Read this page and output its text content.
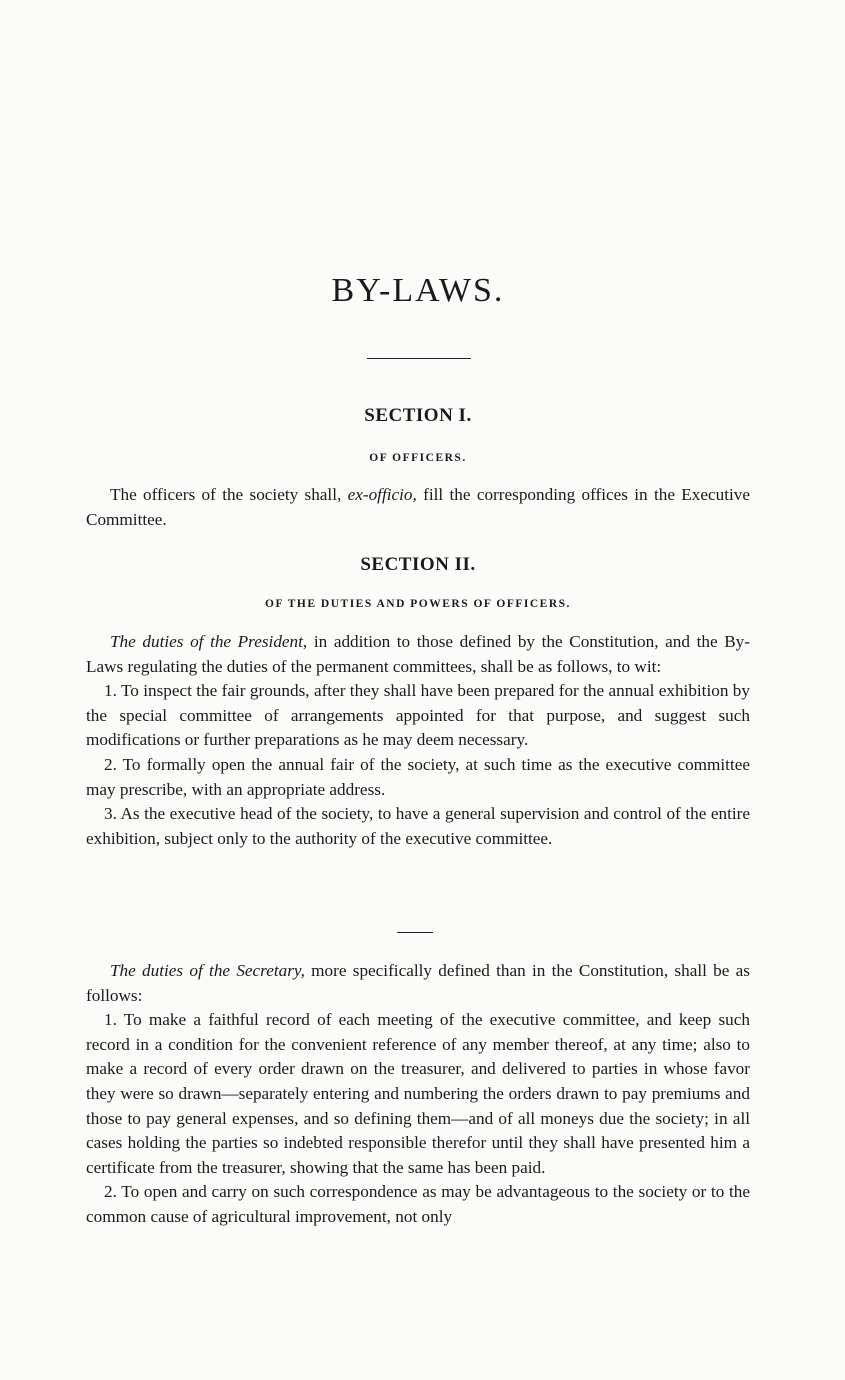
BY-LAWS.
SECTION I.
OF OFFICERS.

The officers of the society shall, ex-officio, fill the corresponding offices in the Executive Committee.

SECTION II.
OF THE DUTIES AND POWERS OF OFFICERS.

The duties of the President, in addition to those defined by the Constitution, and the By-Laws regulating the duties of the permanent committees, shall be as follows, to wit:

1. To inspect the fair grounds, after they shall have been prepared for the annual exhibition by the special committee of arrangements appointed for that purpose, and suggest such modifications or further preparations as he may deem necessary.

2. To formally open the annual fair of the society, at such time as the executive committee may prescribe, with an appropriate address.

3. As the executive head of the society, to have a general supervision and control of the entire exhibition, subject only to the authority of the executive committee.

The duties of the Secretary, more specifically defined than in the Constitution, shall be as follows:

1. To make a faithful record of each meeting of the executive committee, and keep such record in a condition for the convenient reference of any member thereof, at any time; also to make a record of every order drawn on the treasurer, and delivered to parties in whose favor they were so drawn—separately entering and numbering the orders drawn to pay premiums and those to pay general expenses, and so defining them—and of all moneys due the society; in all cases holding the parties so indebted responsible therefor until they shall have presented him a certificate from the treasurer, showing that the same has been paid.

2. To open and carry on such correspondence as may be advantageous to the society or to the common cause of agricultural improvement, not only
